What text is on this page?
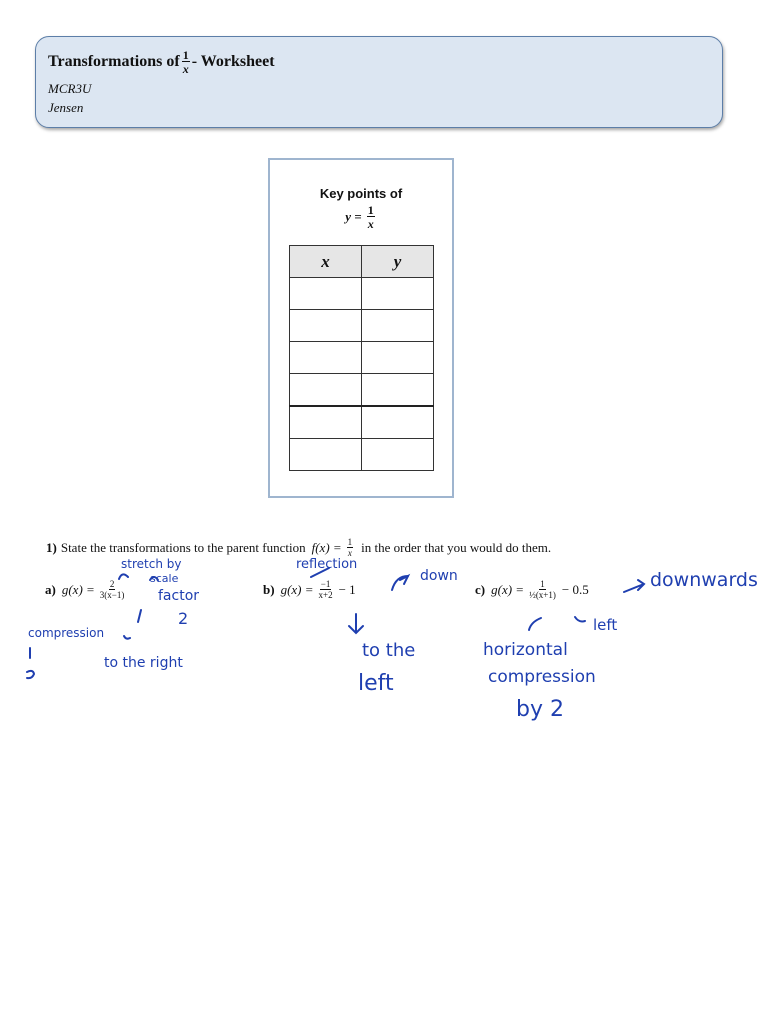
Transformations of $\frac{1}{x}$ - Worksheet
MCR3U
Jensen
Key points of
$y = \frac{1}{x}$
x	y

1) State the transformations to the parent function $f(x) = \frac{1}{x}$ in the order that you would do them.
a) $g(x) = \frac{2}{3(x-1)}$	b) $g(x) = \frac{-1}{x+2} - 1$	c) $g(x) = \frac{1}{\text{½(x+1)}} - 0.5$
stretch by
scale
factor
2
compression
to the right
reflection
down
to the
left
downwards
left
horizontal
compression
by 2
